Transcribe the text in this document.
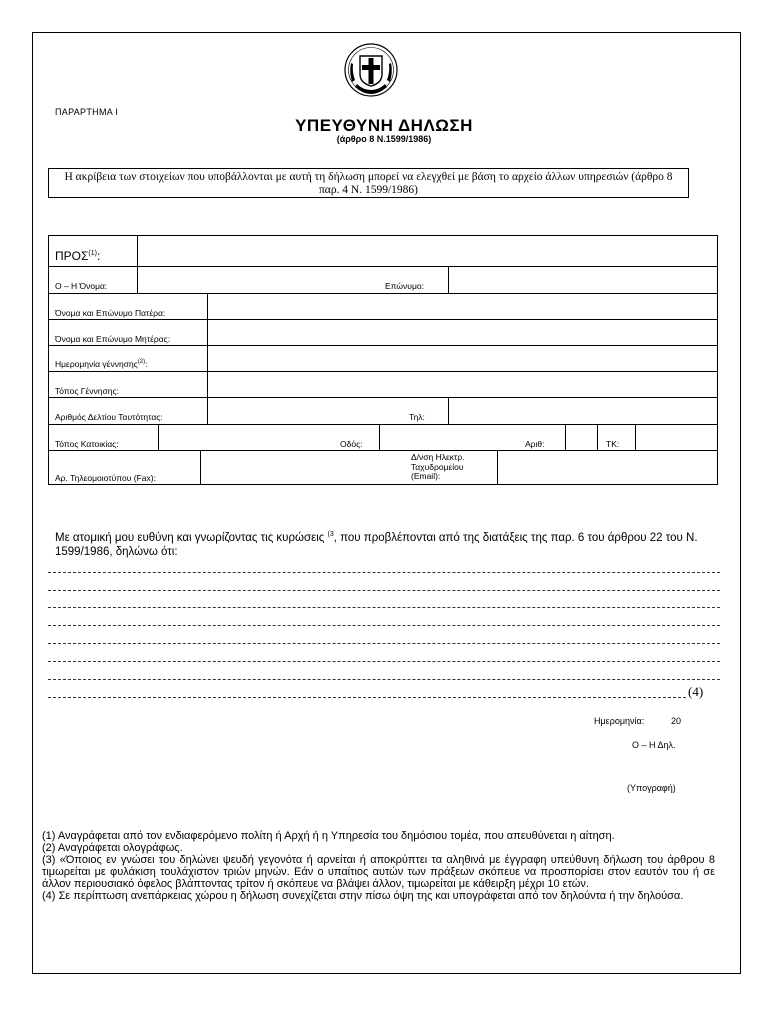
ΠΑΡΑΡΤΗΜΑ Ι
ΥΠΕΥΘΥΝΗ ΔΗΛΩΣΗ
(άρθρο 8 Ν.1599/1986)
Η ακρίβεια των στοιχείων που υποβάλλονται με αυτή τη δήλωση μπορεί να ελεγχθεί με βάση το αρχείο άλλων υπηρεσιών (άρθρο 8 παρ. 4 Ν. 1599/1986)
ΠΡΟΣ$^{(1)}$:
Ο – Η Όνομα:	Επώνυμο:
Όνομα και Επώνυμο Πατέρα:
Όνομα και Επώνυμο Μητέρας:
Ημερομηνία γέννησης$^{(2)}$:
Τόπος Γέννησης:
Αριθμός Δελτίου Ταυτότητας:	Τηλ:
Τόπος Κατοικίας:	Οδός:	Αριθ:	ΤΚ:
Αρ. Τηλεομοιοτύπου (Fax):
Δ/νση Ηλεκτρ.
Ταχυδρομείου
(Email):
Με ατομική μου ευθύνη και γνωρίζοντας τις κυρώσεις $^{(3}$, που προβλέπονται από της διατάξεις της παρ. 6 του άρθρου 22 του Ν. 1599/1986, δηλώνω ότι:
(4)
Ημερομηνία:	20
Ο – Η Δηλ.
(Υπογραφή)

(1) Αναγράφεται από τον ενδιαφερόμενο πολίτη ή Αρχή ή η Υπηρεσία του δημόσιου τομέα, που απευθύνεται η αίτηση.

(2) Αναγράφεται ολογράφως.

(3) «Όποιος εν γνώσει του δηλώνει ψευδή γεγονότα ή αρνείται ή αποκρύπτει τα αληθινά με έγγραφη υπεύθυνη δήλωση του άρθρου 8 τιμωρείται με φυλάκιση τουλάχιστον τριών μηνών. Εάν ο υπαίτιος αυτών των πράξεων σκόπευε να προσπορίσει στον εαυτόν του ή σε άλλον περιουσιακό όφελος βλάπτοντας τρίτον ή σκόπευε να βλάψει άλλον, τιμωρείται με κάθειρξη μέχρι 10 ετών.

(4) Σε περίπτωση ανεπάρκειας χώρου η δήλωση συνεχίζεται στην πίσω όψη της και υπογράφεται από τον δηλούντα ή την δηλούσα.
